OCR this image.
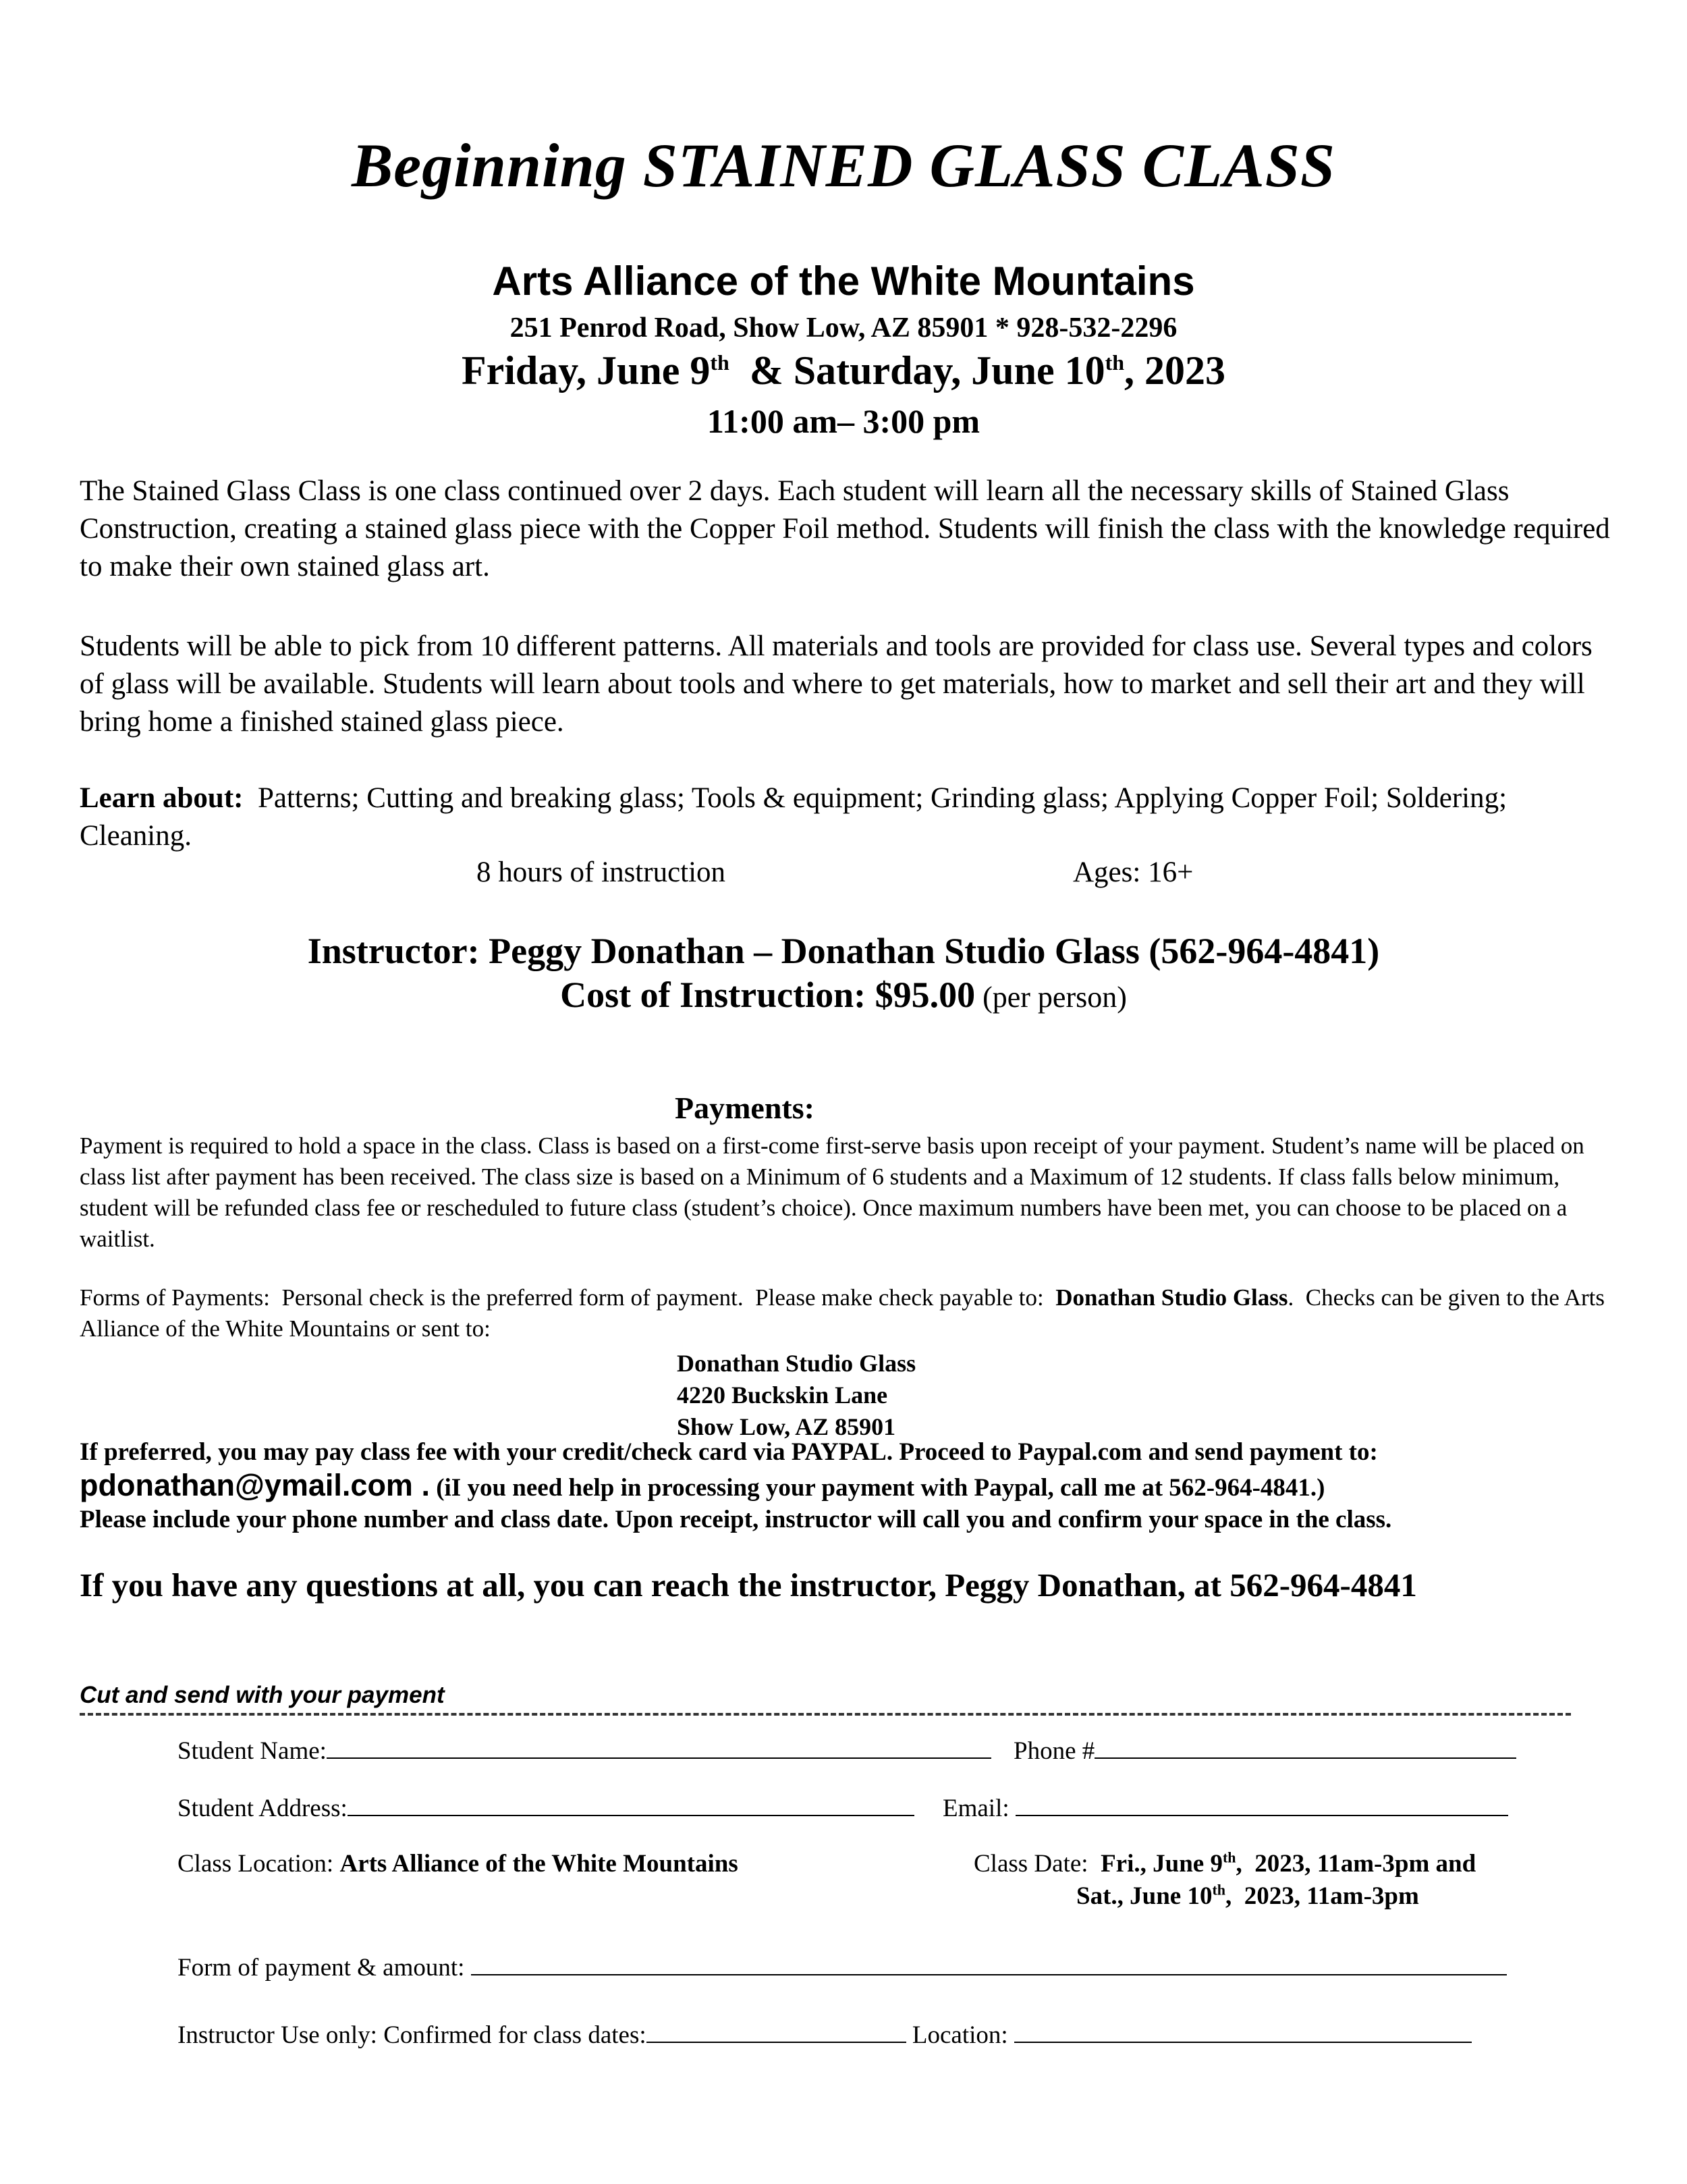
Beginning STAINED GLASS CLASS
Arts Alliance of the White Mountains
251 Penrod Road, Show Low, AZ 85901 * 928-532-2296
Friday, June 9th  & Saturday, June 10th, 2023
11:00 am– 3:00 pm
The Stained Glass Class is one class continued over 2 days. Each student will learn all the necessary skills of Stained Glass Construction, creating a stained glass piece with the Copper Foil method. Students will finish the class with the knowledge required to make their own stained glass art.
Students will be able to pick from 10 different patterns. All materials and tools are provided for class use. Several types and colors of glass will be available. Students will learn about tools and where to get materials, how to market and sell their art and they will bring home a finished stained glass piece.
Learn about:  Patterns; Cutting and breaking glass; Tools & equipment; Grinding glass; Applying Copper Foil; Soldering; Cleaning.
8 hours of instruction	Ages: 16+
Instructor: Peggy Donathan – Donathan Studio Glass (562-964-4841)
Cost of Instruction: $95.00 (per person)
Payments:
Payment is required to hold a space in the class. Class is based on a first-come first-serve basis upon receipt of your payment. Student’s name will be placed on class list after payment has been received. The class size is based on a Minimum of 6 students and a Maximum of 12 students. If class falls below minimum, student will be refunded class fee or rescheduled to future class (student’s choice). Once maximum numbers have been met, you can choose to be placed on a waitlist.
Forms of Payments:  Personal check is the preferred form of payment.  Please make check payable to:  Donathan Studio Glass.  Checks can be given to the Arts Alliance of the White Mountains or sent to:
Donathan Studio Glass
4220 Buckskin Lane
Show Low, AZ 85901
If preferred, you may pay class fee with your credit/check card via PAYPAL. Proceed to Paypal.com and send payment to:
pdonathan@ymail.com . (iI you need help in processing your payment with Paypal, call me at 562-964-4841.)
Please include your phone number and class date. Upon receipt, instructor will call you and confirm your space in the class.
If you have any questions at all, you can reach the instructor, Peggy Donathan, at 562-964-4841
Cut and send with your payment
Student Name:	Phone #
Student Address:	Email:
Class Location: Arts Alliance of the White Mountains	Class Date:  Fri., June 9th,  2023, 11am-3pm and
Sat., June 10th,  2023, 11am-3pm
Form of payment & amount:
Instructor Use only: Confirmed for class dates:	Location:
